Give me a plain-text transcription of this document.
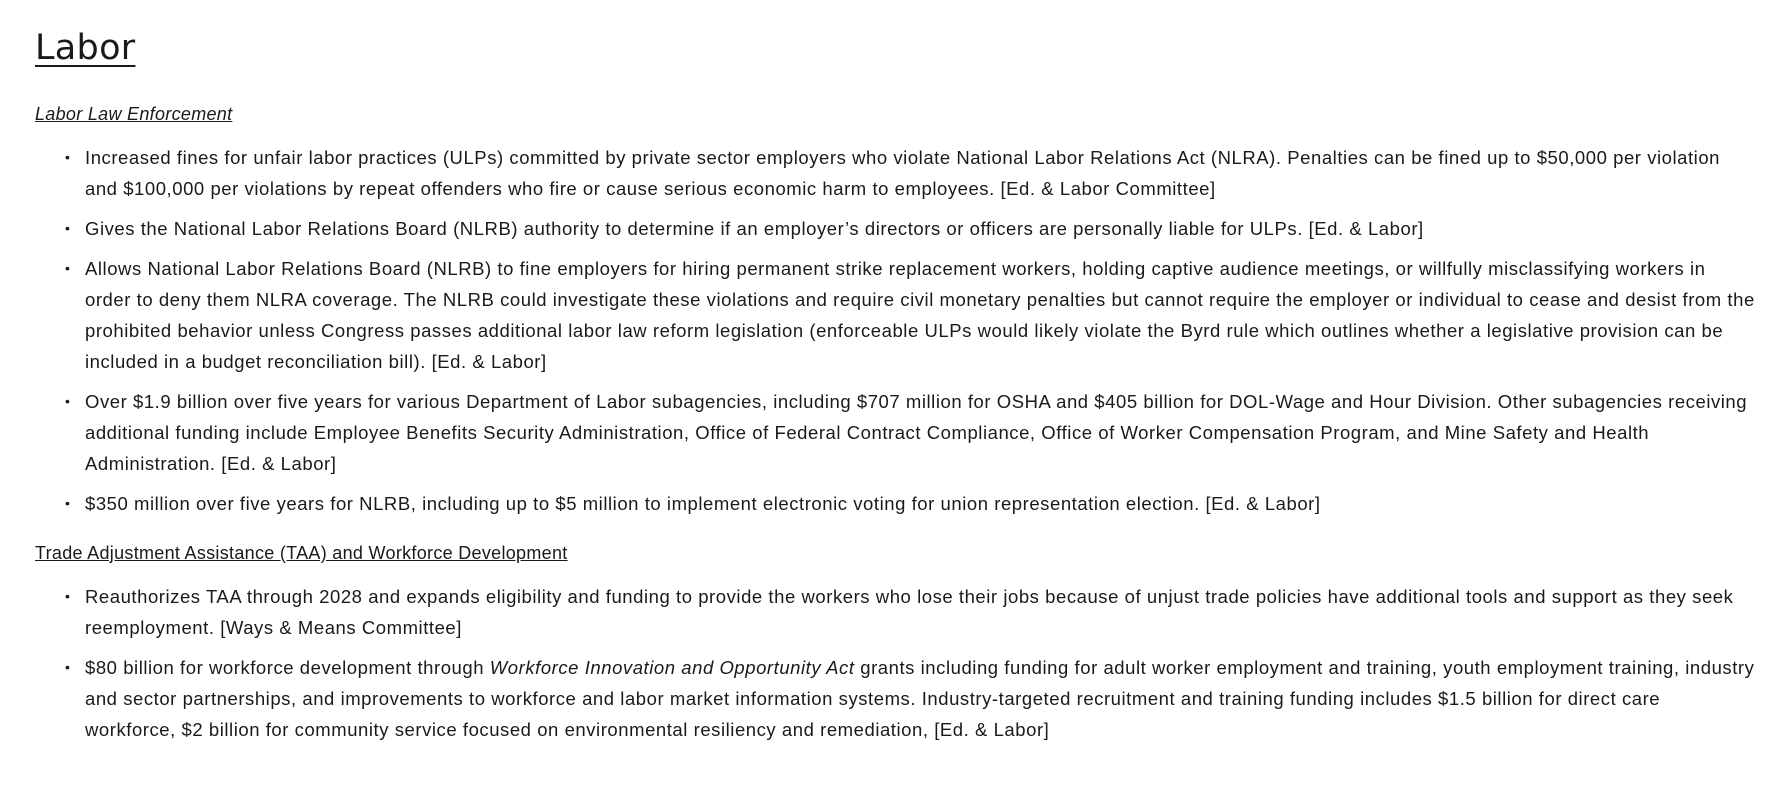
Labor
Labor Law Enforcement
• Increased fines for unfair labor practices (ULPs) committed by private sector employers who violate National Labor Relations Act (NLRA). Penalties can be fined up to $50,000 per violation and $100,000 per violations by repeat offenders who fire or cause serious economic harm to employees. [Ed. & Labor Committee]
• Gives the National Labor Relations Board (NLRB) authority to determine if an employer’s directors or officers are personally liable for ULPs. [Ed. & Labor]
• Allows National Labor Relations Board (NLRB) to fine employers for hiring permanent strike replacement workers, holding captive audience meetings, or willfully misclassifying workers in order to deny them NLRA coverage. The NLRB could investigate these violations and require civil monetary penalties but cannot require the employer or individual to cease and desist from the prohibited behavior unless Congress passes additional labor law reform legislation (enforceable ULPs would likely violate the Byrd rule which outlines whether a legislative provision can be included in a budget reconciliation bill). [Ed. & Labor]
• Over $1.9 billion over five years for various Department of Labor subagencies, including $707 million for OSHA and $405 billion for DOL-Wage and Hour Division. Other subagencies receiving additional funding include Employee Benefits Security Administration, Office of Federal Contract Compliance, Office of Worker Compensation Program, and Mine Safety and Health Administration. [Ed. & Labor]
• $350 million over five years for NLRB, including up to $5 million to implement electronic voting for union representation election. [Ed. & Labor]
Trade Adjustment Assistance (TAA) and Workforce Development
• Reauthorizes TAA through 2028 and expands eligibility and funding to provide the workers who lose their jobs because of unjust trade policies have additional tools and support as they seek reemployment. [Ways & Means Committee]
• $80 billion for workforce development through Workforce Innovation and Opportunity Act grants including funding for adult worker employment and training, youth employment training, industry and sector partnerships, and improvements to workforce and labor market information systems. Industry-targeted recruitment and training funding includes $1.5 billion for direct care workforce, $2 billion for community service focused on environmental resiliency and remediation, [Ed. & Labor]
